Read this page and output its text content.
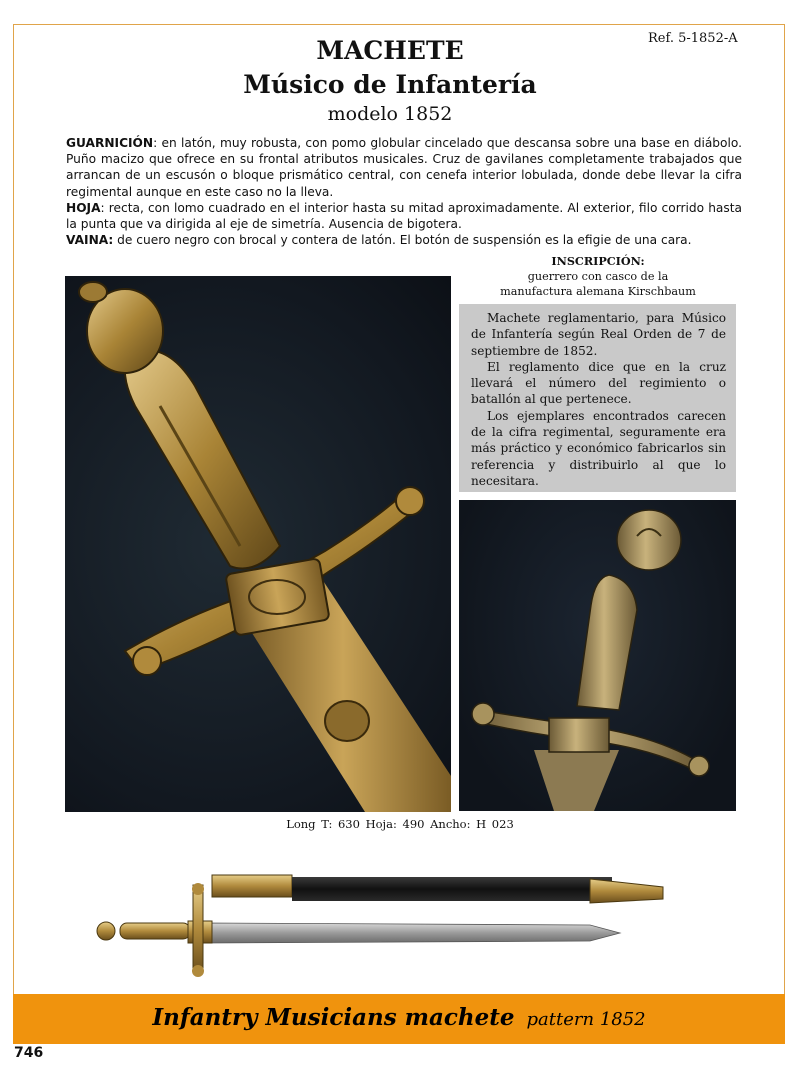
Ref. 5-1852-A
MACHETE
Músico de Infantería
modelo 1852

GUARNICIÓN: en latón, muy robusta, con pomo globular cincelado que descansa sobre una base en diábolo. Puño macizo que ofrece en su frontal atributos musicales. Cruz de gavilanes completamente trabajados que arrancan de un escusón o bloque prismático central, con cenefa interior lobulada, donde debe llevar la cifra regimental aunque en este caso no la lleva.

HOJA: recta, con lomo cuadrado en el interior hasta su mitad aproximadamente. Al exterior, filo corrido hasta la punta que va dirigida al eje de simetría. Ausencia de bigotera.

VAINA: de cuero negro con brocal y contera de latón. El botón de suspensión es la efigie de una cara.

INSCRIPCIÓN:
guerrero con casco de la
manufactura alemana Kirschbaum

Machete reglamentario, para Músico de Infantería según Real Orden de 7 de septiembre de 1852.

El reglamento dice que en la cruz llevará el número del regimiento o batallón al que pertenece.

Los ejemplares encontrados carecen de la cifra regimental, seguramente era más práctico y económico fabricarlos sin referencia y distribuirlo al que lo necesitara.

Long T: 630 Hoja: 490 Ancho: H 023
Infantry Musicians machete pattern 1852
746
